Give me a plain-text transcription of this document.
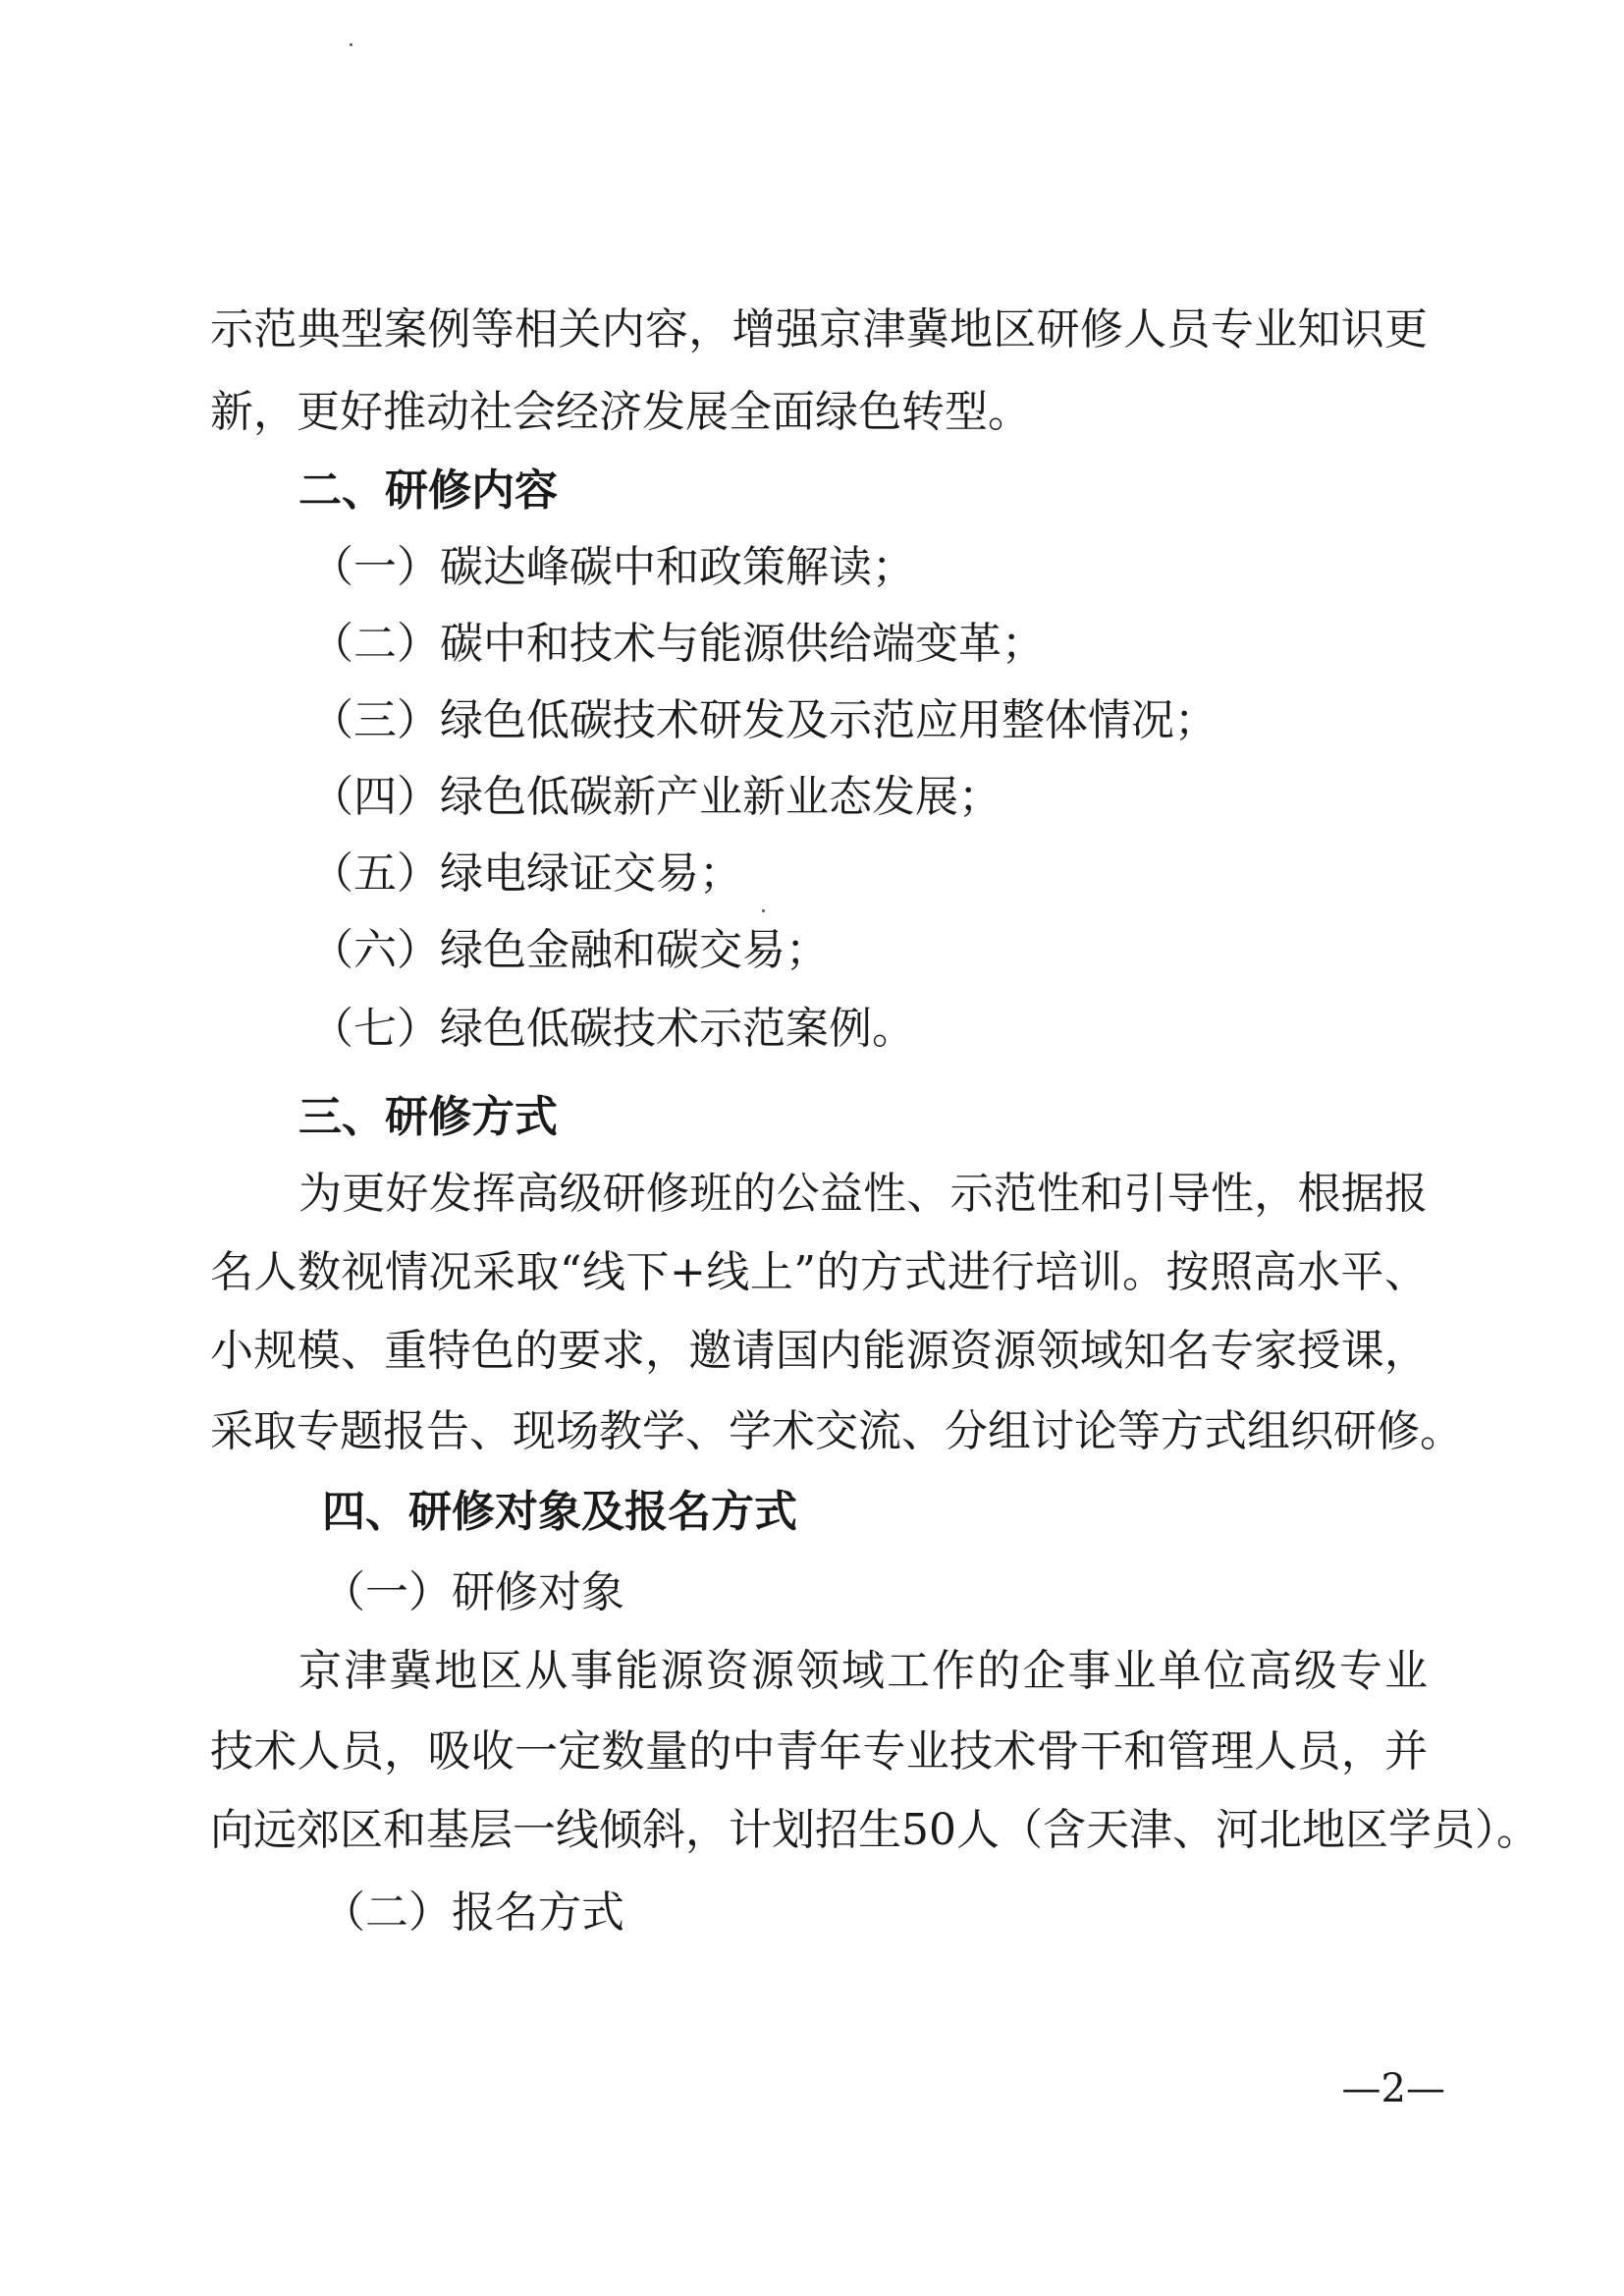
示范典型案例等相关内容，增强京津冀地区研修人员专业知识更
新，更好推动社会经济发展全面绿色转型。
二、研修内容
（一）碳达峰碳中和政策解读；
（二）碳中和技术与能源供给端变革；
（三）绿色低碳技术研发及示范应用整体情况；
（四）绿色低碳新产业新业态发展；
（五）绿电绿证交易；
（六）绿色金融和碳交易；
（七）绿色低碳技术示范案例。
三、研修方式
为更好发挥高级研修班的公益性、示范性和引导性，根据报
名人数视情况采取“线下+线上”的方式进行培训。按照高水平、
小规模、重特色的要求，邀请国内能源资源领域知名专家授课，
采取专题报告、现场教学、学术交流、分组讨论等方式组织研修。
四、研修对象及报名方式
（一）研修对象
京津冀地区从事能源资源领域工作的企事业单位高级专业
技术人员，吸收一定数量的中青年专业技术骨干和管理人员，并
向远郊区和基层一线倾斜，计划招生50人（含天津、河北地区学员）。
（二）报名方式
—2—
